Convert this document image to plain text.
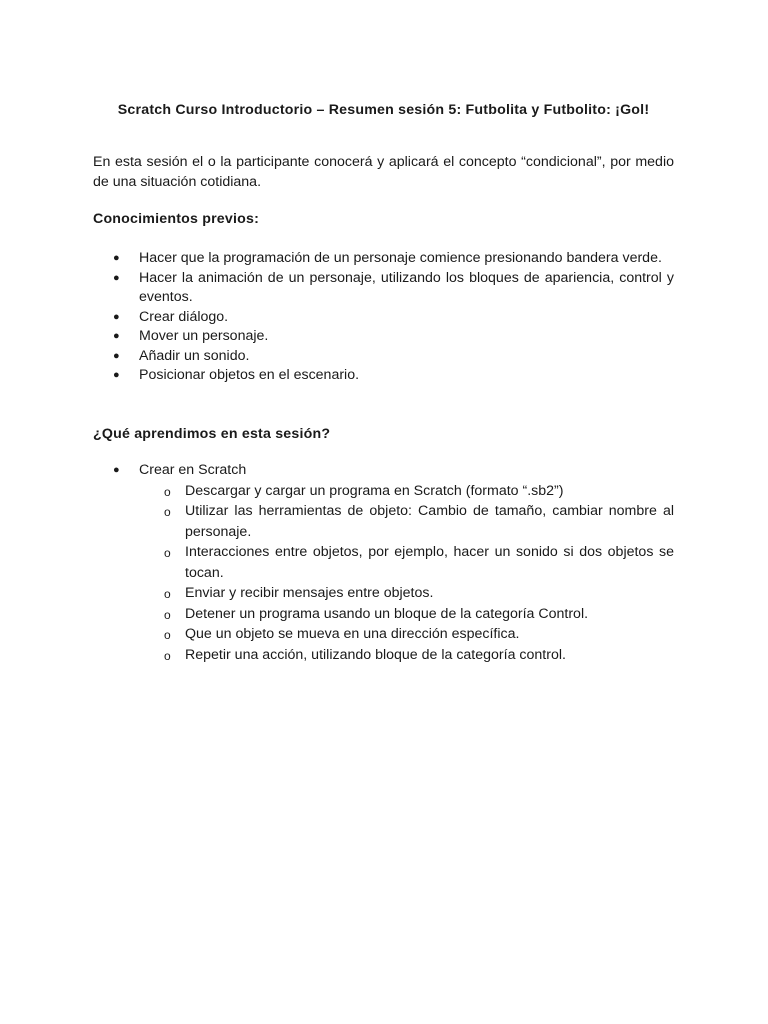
Scratch Curso Introductorio – Resumen sesión 5: Futbolita y Futbolito: ¡Gol!

En esta sesión el o la participante conocerá y aplicará el concepto “condicional”, por medio de una situación cotidiana.

Conocimientos previos:
● Hacer que la programación de un personaje comience presionando bandera verde.
● Hacer la animación de un personaje, utilizando los bloques de apariencia, control y eventos.
● Crear diálogo.
● Mover un personaje.
● Añadir un sonido.
● Posicionar objetos en el escenario.
¿Qué aprendimos en esta sesión?
● Crear en Scratch
o Descargar y cargar un programa en Scratch (formato “.sb2”)
o Utilizar las herramientas de objeto: Cambio de tamaño, cambiar nombre al personaje.
o Interacciones entre objetos, por ejemplo, hacer un sonido si dos objetos se tocan.
o Enviar y recibir mensajes entre objetos.
o Detener un programa usando un bloque de la categoría Control.
o Que un objeto se mueva en una dirección específica.
o Repetir una acción, utilizando bloque de la categoría control.
